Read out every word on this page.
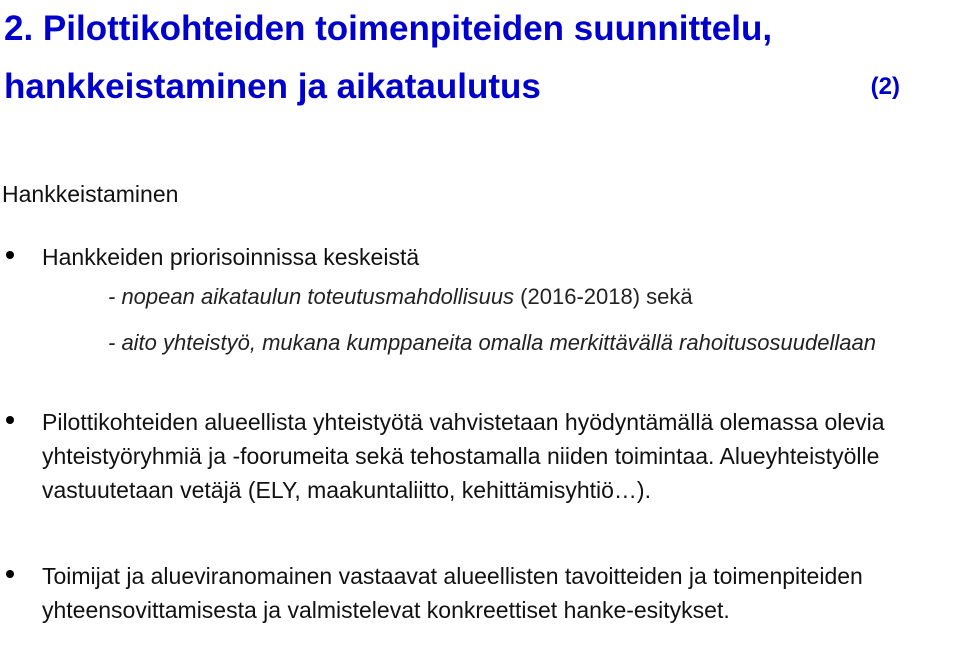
2. Pilottikohteiden toimenpiteiden suunnittelu,
hankkeistaminen ja aikataulutus	(2)
Hankkeistaminen
Hankkeiden priorisoinnissa keskeistä
- nopean aikataulun toteutusmahdollisuus (2016-2018) sekä
- aito yhteistyö, mukana kumppaneita omalla merkittävällä rahoitusosuudellaan
Pilottikohteiden alueellista yhteistyötä vahvistetaan hyödyntämällä olemassa olevia yhteistyöryhmiä ja -foorumeita sekä tehostamalla niiden toimintaa. Alueyhteistyölle vastuutetaan vetäjä (ELY, maakuntaliitto, kehittämisyhtiö…).
Toimijat ja alueviranomainen vastaavat alueellisten tavoitteiden ja toimenpiteiden yhteensovittamisesta ja valmistelevat konkreettiset hanke-esitykset.
